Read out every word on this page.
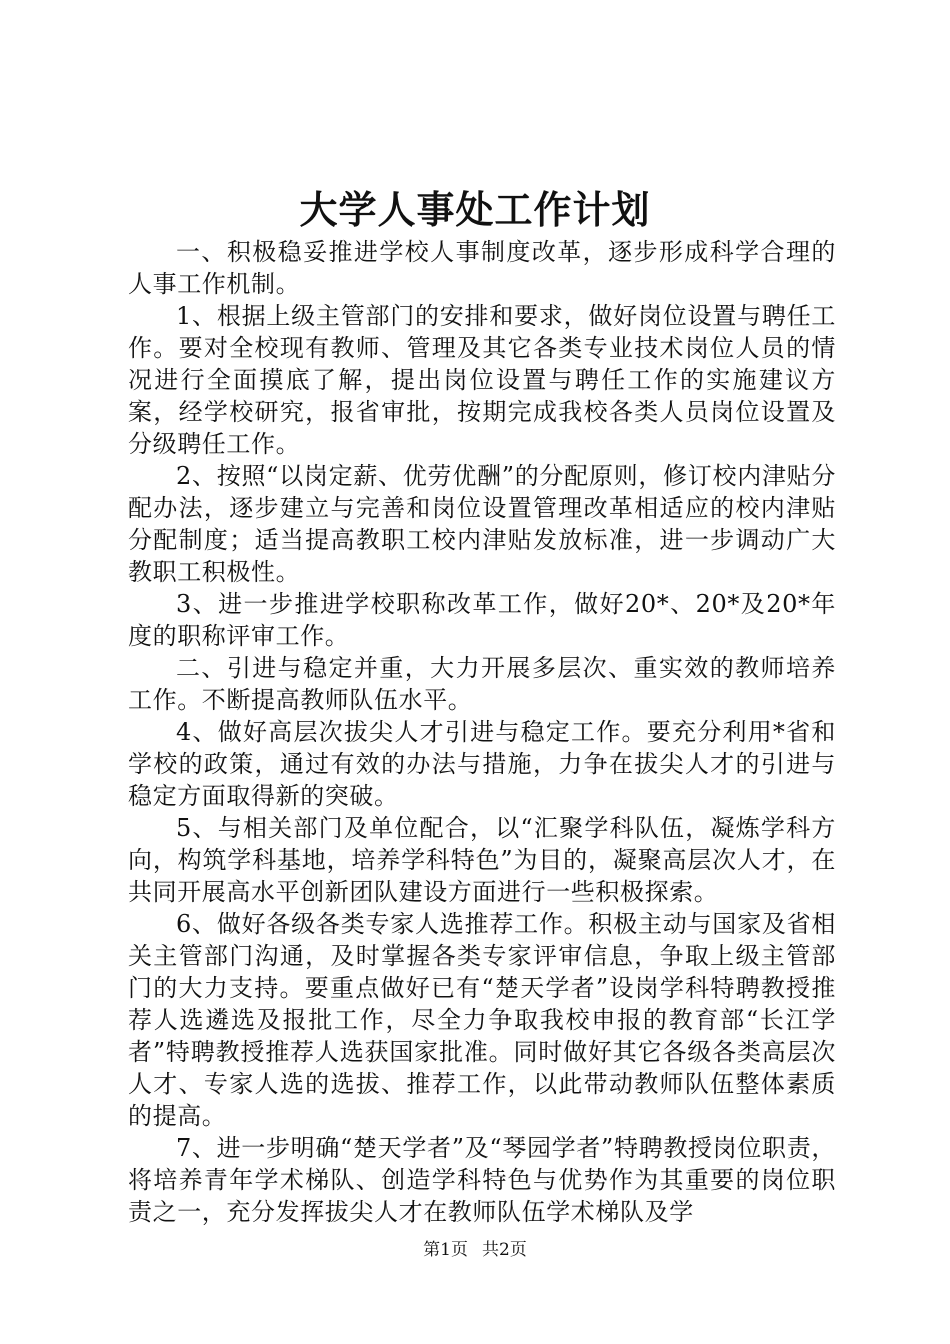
大学人事处工作计划

一、积极稳妥推进学校人事制度改革，逐步形成科学合理的人事工作机制。

1、根据上级主管部门的安排和要求，做好岗位设置与聘任工作。要对全校现有教师、管理及其它各类专业技术岗位人员的情况进行全面摸底了解，提出岗位设置与聘任工作的实施建议方案，经学校研究，报省审批，按期完成我校各类人员岗位设置及分级聘任工作。

2、按照“以岗定薪、优劳优酬”的分配原则，修订校内津贴分配办法，逐步建立与完善和岗位设置管理改革相适应的校内津贴分配制度；适当提高教职工校内津贴发放标准，进一步调动广大教职工积极性。

3、进一步推进学校职称改革工作，做好20*、20*及20*年度的职称评审工作。

二、引进与稳定并重，大力开展多层次、重实效的教师培养工作。不断提高教师队伍水平。

4、做好高层次拔尖人才引进与稳定工作。要充分利用*省和学校的政策，通过有效的办法与措施，力争在拔尖人才的引进与稳定方面取得新的突破。

5、与相关部门及单位配合，以“汇聚学科队伍，凝炼学科方向，构筑学科基地，培养学科特色”为目的，凝聚高层次人才，在共同开展高水平创新团队建设方面进行一些积极探索。

6、做好各级各类专家人选推荐工作。积极主动与国家及省相关主管部门沟通，及时掌握各类专家评审信息，争取上级主管部门的大力支持。要重点做好已有“楚天学者”设岗学科特聘教授推荐人选遴选及报批工作，尽全力争取我校申报的教育部“长江学者”特聘教授推荐人选获国家批准。同时做好其它各级各类高层次人才、专家人选的选拔、推荐工作，以此带动教师队伍整体素质的提高。

7、进一步明确“楚天学者”及“琴园学者”特聘教授岗位职责，将培养青年学术梯队、创造学科特色与优势作为其重要的岗位职责之一，充分发挥拔尖人才在教师队伍学术梯队及学

第1页 共2页
